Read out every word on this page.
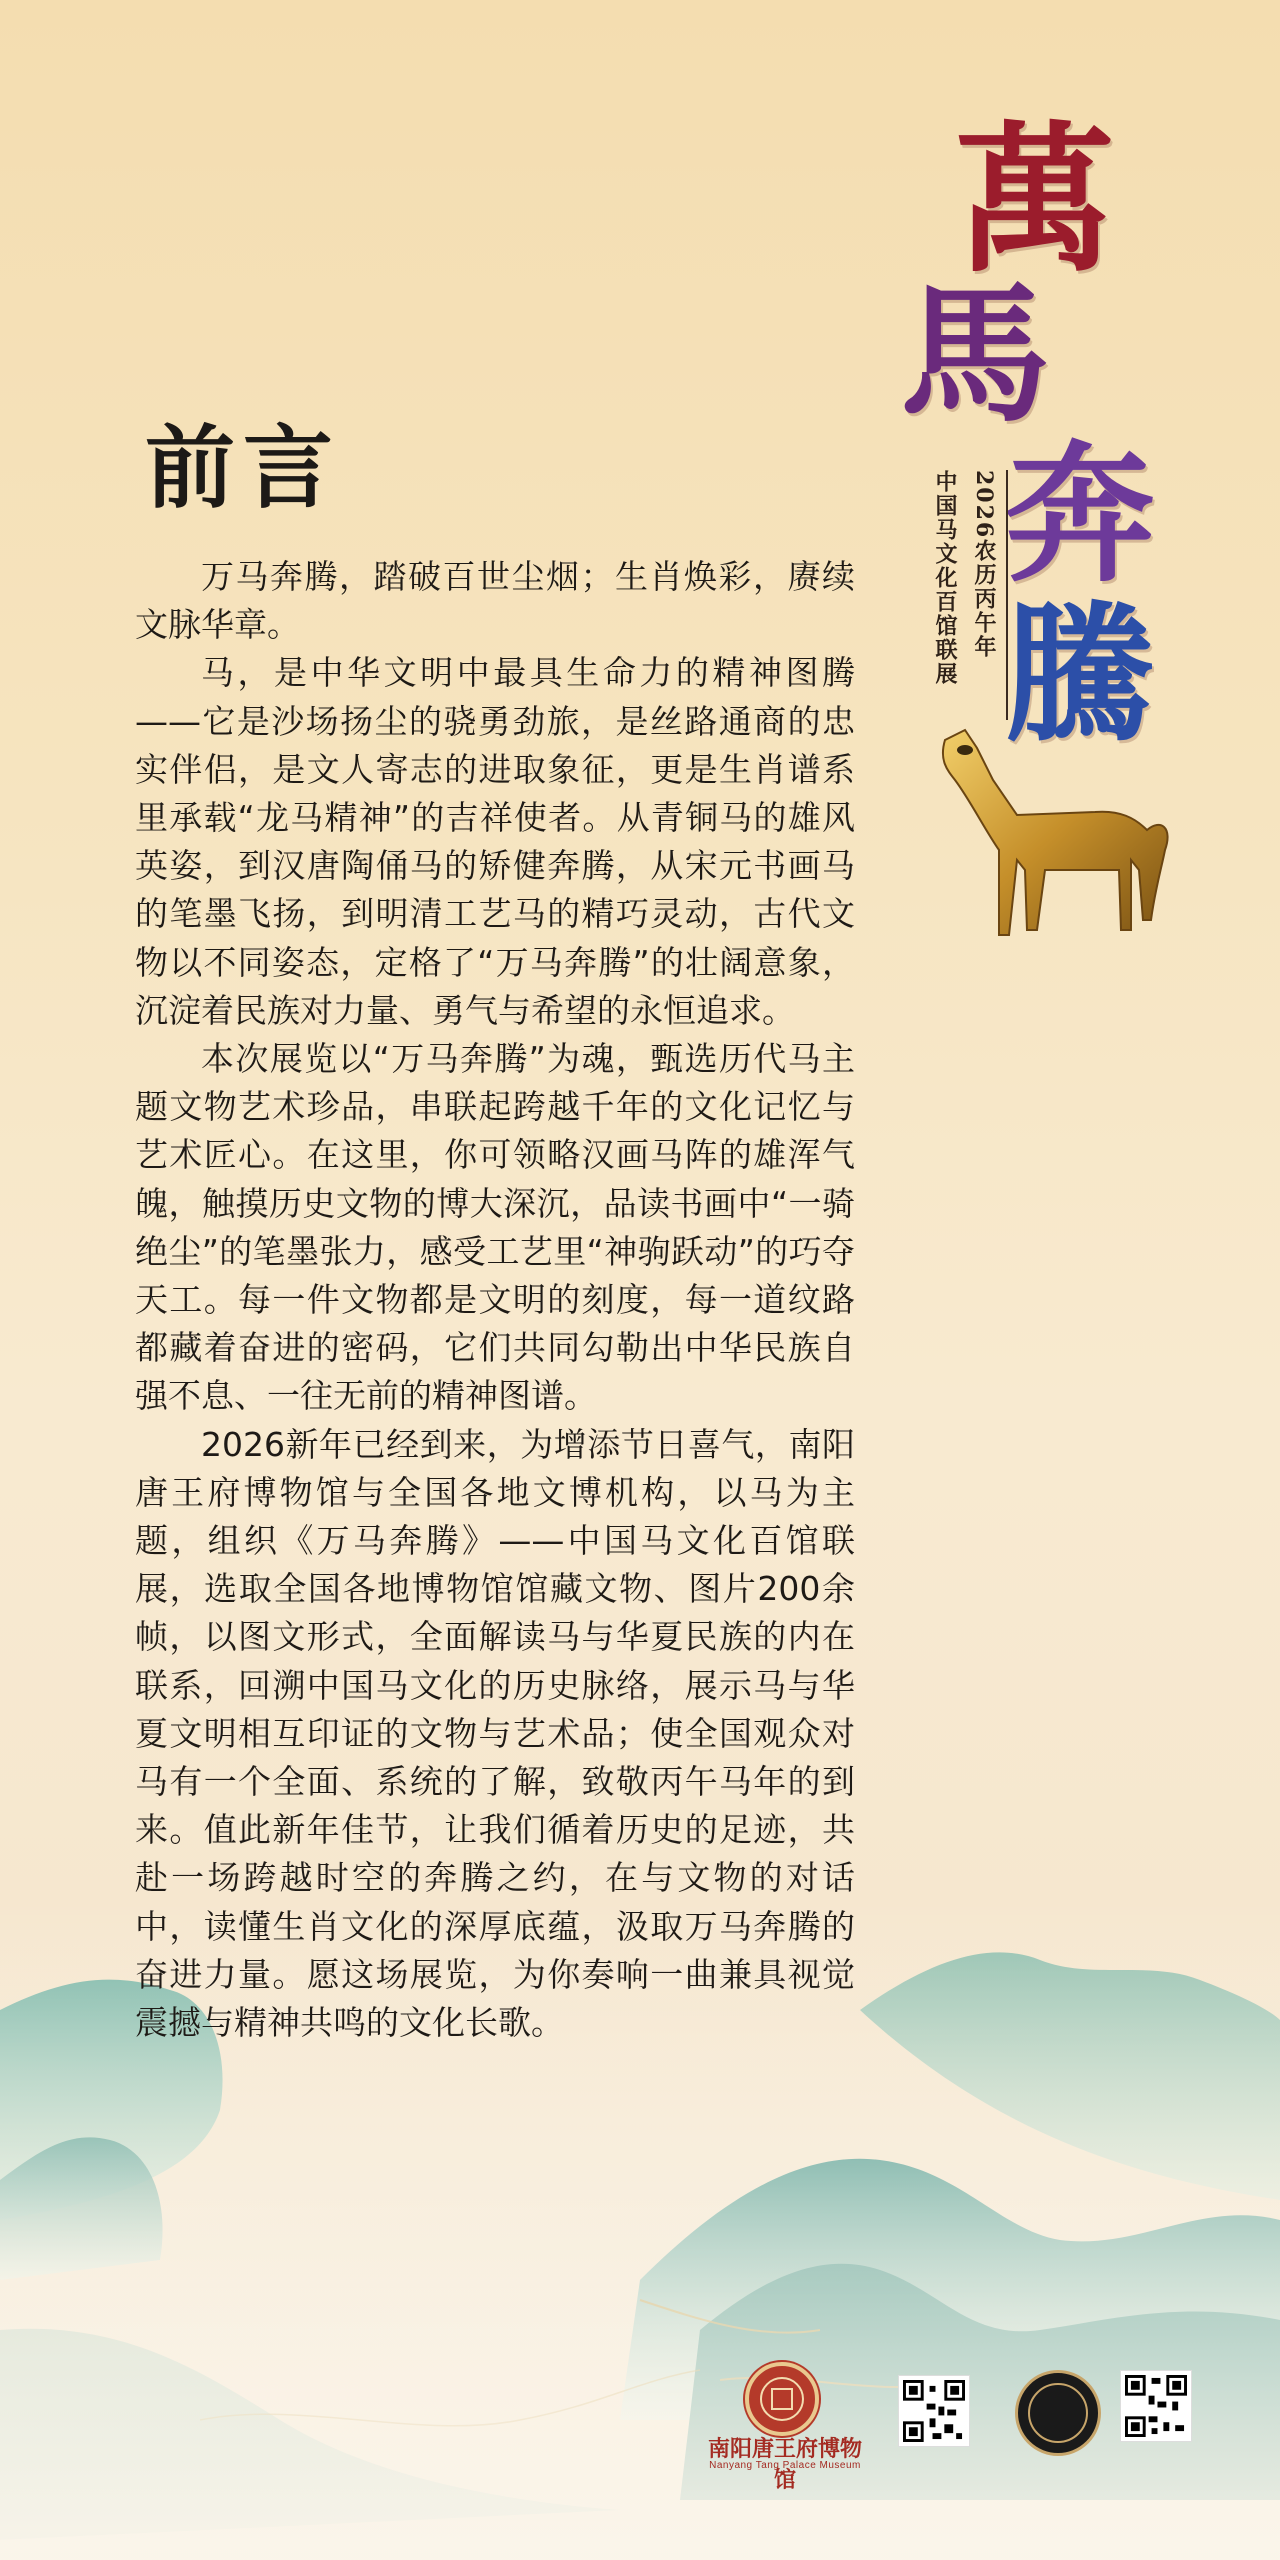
萬
馬
奔
騰
中国马文化百馆联展 2026农历丙午年
前言

万马奔腾，踏破百世尘烟；生肖焕彩，赓续文脉华章。

马，是中华文明中最具生命力的精神图腾——它是沙场扬尘的骁勇劲旅，是丝路通商的忠实伴侣，是文人寄志的进取象征，更是生肖谱系里承载“龙马精神”的吉祥使者。从青铜马的雄风英姿，到汉唐陶俑马的矫健奔腾，从宋元书画马的笔墨飞扬，到明清工艺马的精巧灵动，古代文物以不同姿态，定格了“万马奔腾”的壮阔意象，沉淀着民族对力量、勇气与希望的永恒追求。

本次展览以“万马奔腾”为魂，甄选历代马主题文物艺术珍品，串联起跨越千年的文化记忆与艺术匠心。在这里，你可领略汉画马阵的雄浑气魄，触摸历史文物的博大深沉，品读书画中“一骑绝尘”的笔墨张力，感受工艺里“神驹跃动”的巧夺天工。每一件文物都是文明的刻度，每一道纹路都藏着奋进的密码，它们共同勾勒出中华民族自强不息、一往无前的精神图谱。

2026新年已经到来，为增添节日喜气，南阳唐王府博物馆与全国各地文博机构，以马为主题，组织《万马奔腾》——中国马文化百馆联展，选取全国各地博物馆馆藏文物、图片200余帧，以图文形式，全面解读马与华夏民族的内在联系，回溯中国马文化的历史脉络，展示马与华夏文明相互印证的文物与艺术品；使全国观众对马有一个全面、系统的了解，致敬丙午马年的到来。值此新年佳节，让我们循着历史的足迹，共赴一场跨越时空的奔腾之约，在与文物的对话中，读懂生肖文化的深厚底蕴，汲取万马奔腾的奋进力量。愿这场展览，为你奏响一曲兼具视觉震撼与精神共鸣的文化长歌。

南阳唐王府博物馆
Nanyang Tang Palace Museum
